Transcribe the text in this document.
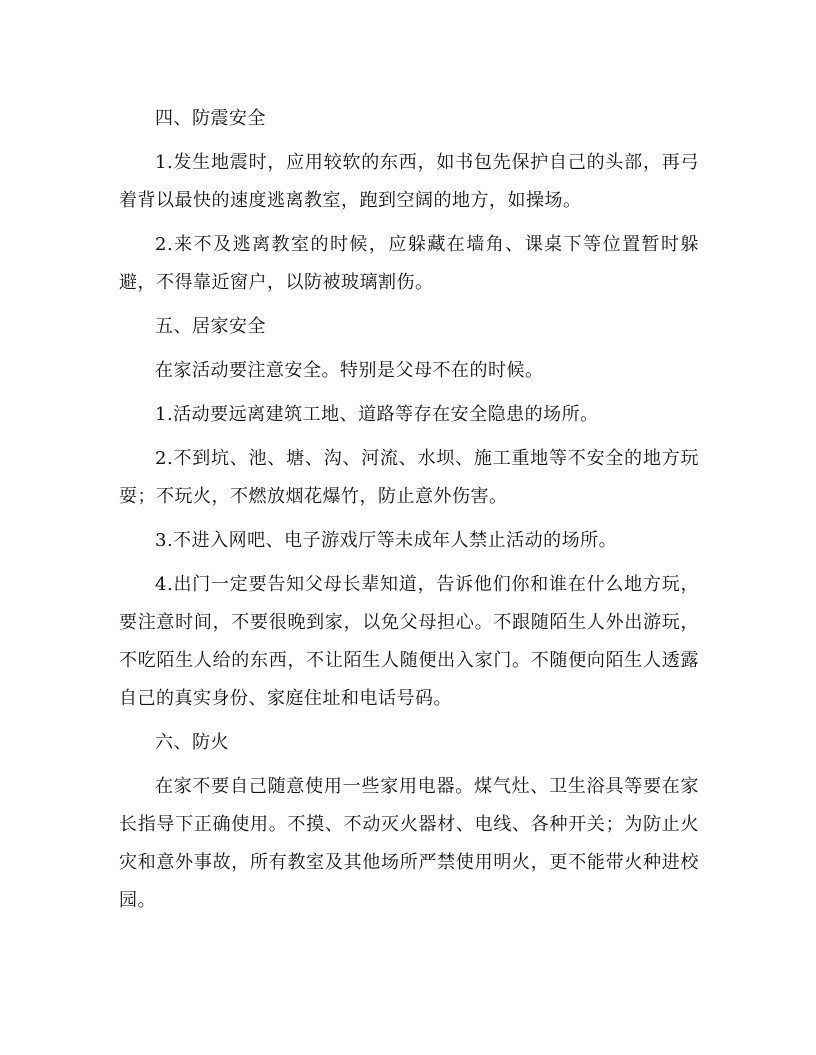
四、防震安全

1.发生地震时，应用较软的东西，如书包先保护自己的头部，再弓着背以最快的速度逃离教室，跑到空阔的地方，如操场。

2.来不及逃离教室的时候，应躲藏在墙角、课桌下等位置暂时躲避，不得靠近窗户，以防被玻璃割伤。

五、居家安全

在家活动要注意安全。特别是父母不在的时候。

1.活动要远离建筑工地、道路等存在安全隐患的场所。

2.不到坑、池、塘、沟、河流、水坝、施工重地等不安全的地方玩耍；不玩火，不燃放烟花爆竹，防止意外伤害。

3.不进入网吧、电子游戏厅等未成年人禁止活动的场所。

4.出门一定要告知父母长辈知道，告诉他们你和谁在什么地方玩，要注意时间，不要很晚到家，以免父母担心。不跟随陌生人外出游玩，不吃陌生人给的东西，不让陌生人随便出入家门。不随便向陌生人透露自己的真实身份、家庭住址和电话号码。

六、防火

在家不要自己随意使用一些家用电器。煤气灶、卫生浴具等要在家长指导下正确使用。不摸、不动灭火器材、电线、各种开关；为防止火灾和意外事故，所有教室及其他场所严禁使用明火，更不能带火种进校园。
